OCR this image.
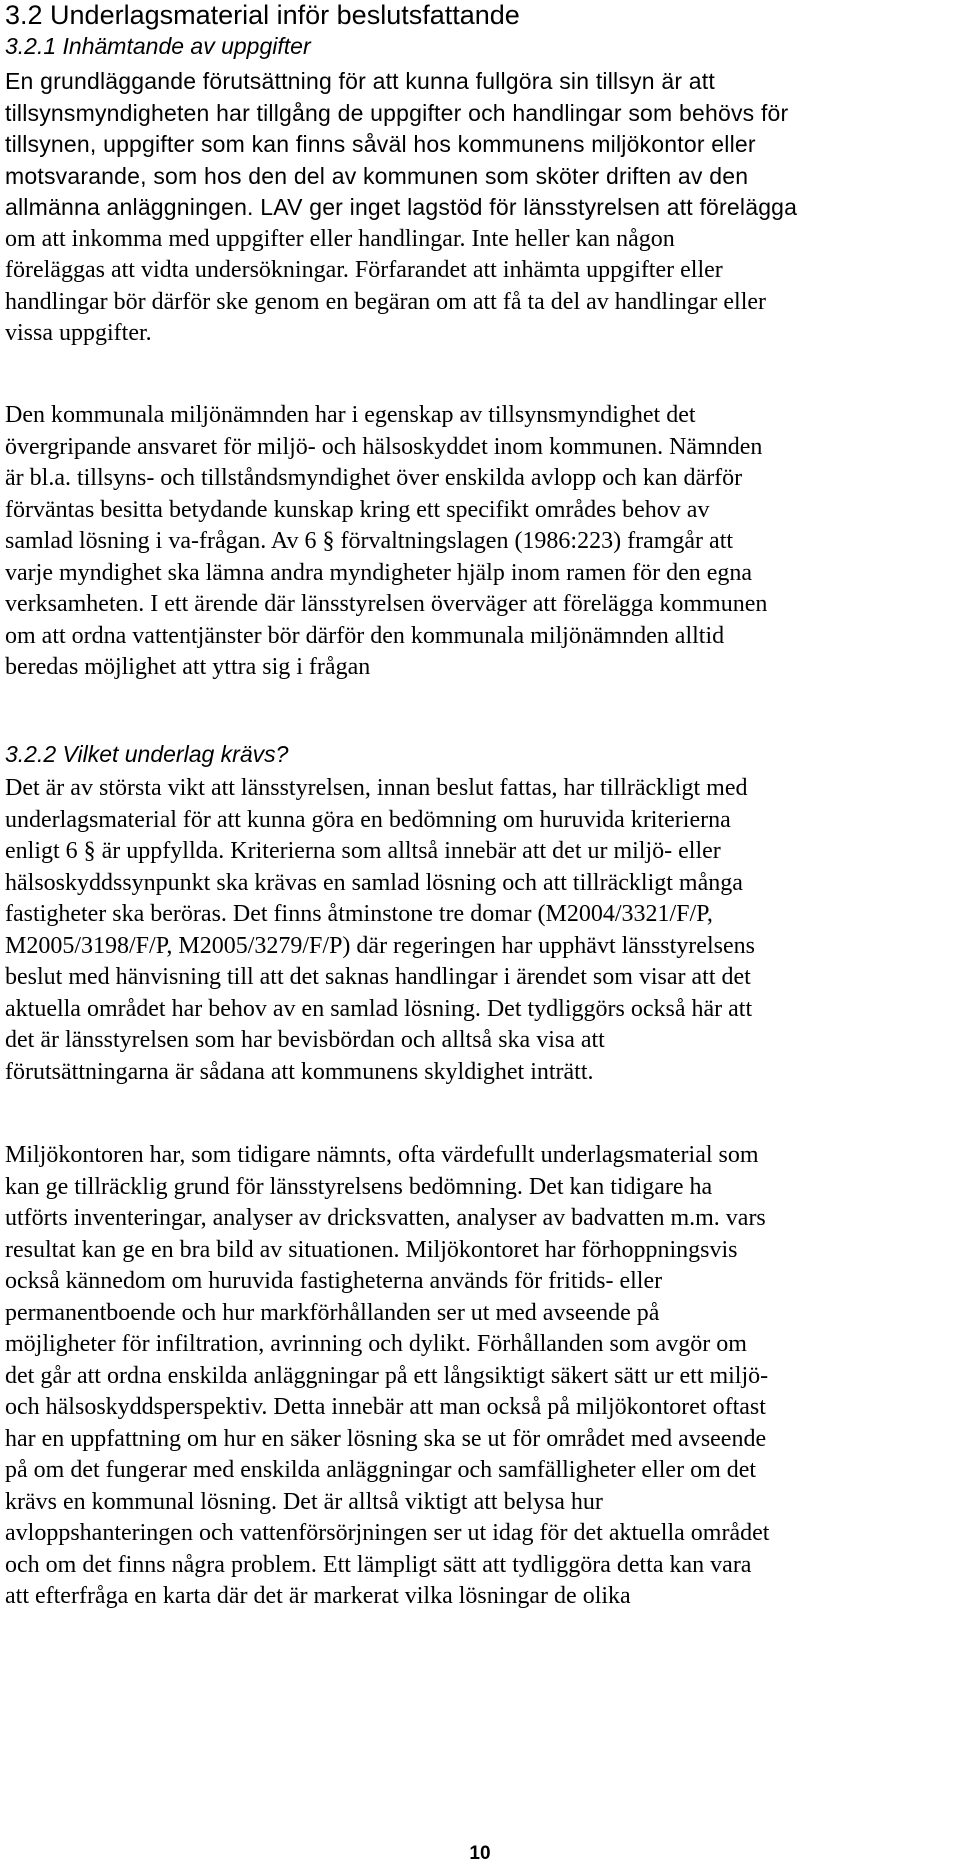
3.2 Underlagsmaterial inför beslutsfattande
3.2.1 Inhämtande av uppgifter

En grundläggande förutsättning för att kunna fullgöra sin tillsyn är att
tillsynsmyndigheten har tillgång de uppgifter och handlingar som behövs för
tillsynen, uppgifter som kan finns såväl hos kommunens miljökontor eller
motsvarande, som hos den del av kommunen som sköter driften av den
allmänna anläggningen. LAV ger inget lagstöd för länsstyrelsen att förelägga
om att inkomma med uppgifter eller handlingar. Inte heller kan någon
föreläggas att vidta undersökningar. Förfarandet att inhämta uppgifter eller
handlingar bör därför ske genom en begäran om att få ta del av handlingar eller
vissa uppgifter.

Den kommunala miljönämnden har i egenskap av tillsynsmyndighet det
övergripande ansvaret för miljö- och hälsoskyddet inom kommunen. Nämnden
är bl.a. tillsyns- och tillståndsmyndighet över enskilda avlopp och kan därför
förväntas besitta betydande kunskap kring ett specifikt områdes behov av
samlad lösning i va-frågan. Av 6 § förvaltningslagen (1986:223) framgår att
varje myndighet ska lämna andra myndigheter hjälp inom ramen för den egna
verksamheten. I ett ärende där länsstyrelsen överväger att förelägga kommunen
om att ordna vattentjänster bör därför den kommunala miljönämnden alltid
beredas möjlighet att yttra sig i frågan

3.2.2 Vilket underlag krävs?

Det är av största vikt att länsstyrelsen, innan beslut fattas, har tillräckligt med
underlagsmaterial för att kunna göra en bedömning om huruvida kriterierna
enligt 6 § är uppfyllda. Kriterierna som alltså innebär att det ur miljö- eller
hälsoskyddssynpunkt ska krävas en samlad lösning och att tillräckligt många
fastigheter ska beröras. Det finns åtminstone tre domar (M2004/3321/F/P,
M2005/3198/F/P, M2005/3279/F/P) där regeringen har upphävt länsstyrelsens
beslut med hänvisning till att det saknas handlingar i ärendet som visar att det
aktuella området har behov av en samlad lösning. Det tydliggörs också här att
det är länsstyrelsen som har bevisbördan och alltså ska visa att
förutsättningarna är sådana att kommunens skyldighet inträtt.

Miljökontoren har, som tidigare nämnts, ofta värdefullt underlagsmaterial som
kan ge tillräcklig grund för länsstyrelsens bedömning. Det kan tidigare ha
utförts inventeringar, analyser av dricksvatten, analyser av badvatten m.m. vars
resultat kan ge en bra bild av situationen. Miljökontoret har förhoppningsvis
också kännedom om huruvida fastigheterna används för fritids- eller
permanentboende och hur markförhållanden ser ut med avseende på
möjligheter för infiltration, avrinning och dylikt. Förhållanden som avgör om
det går att ordna enskilda anläggningar på ett långsiktigt säkert sätt ur ett miljö-
och hälsoskyddsperspektiv. Detta innebär att man också på miljökontoret oftast
har en uppfattning om hur en säker lösning ska se ut för området med avseende
på om det fungerar med enskilda anläggningar och samfälligheter eller om det
krävs en kommunal lösning. Det är alltså viktigt att belysa hur
avloppshanteringen och vattenförsörjningen ser ut idag för det aktuella området
och om det finns några problem. Ett lämpligt sätt att tydliggöra detta kan vara
att efterfråga en karta där det är markerat vilka lösningar de olika

10
